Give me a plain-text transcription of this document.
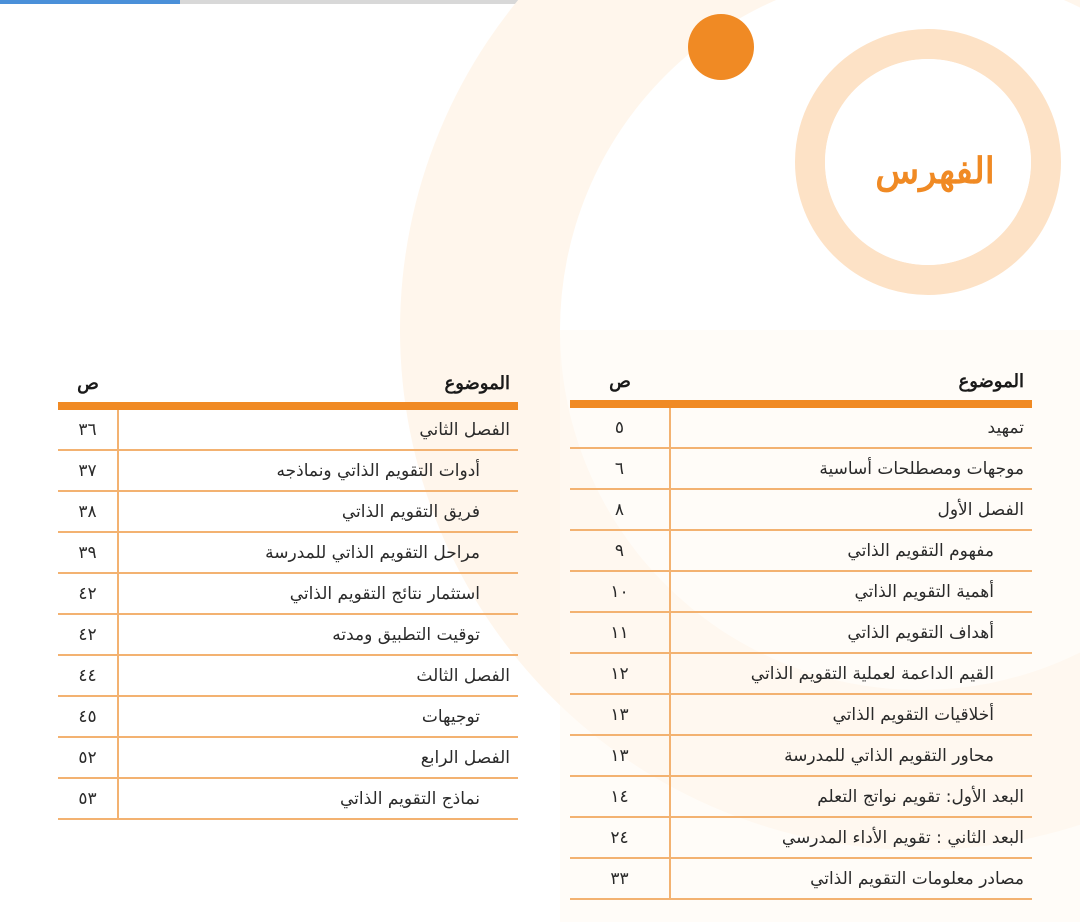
الفهرس
الموضوع	ص
تمهيد	٥
موجهات ومصطلحات أساسية	٦
الفصل الأول	٨
مفهوم التقويم الذاتي	٩
أهمية التقويم الذاتي	١٠
أهداف التقويم الذاتي	١١
القيم الداعمة لعملية التقويم الذاتي	١٢
أخلاقيات التقويم الذاتي	١٣
محاور التقويم الذاتي للمدرسة	١٣
البعد الأول: تقويم نواتج التعلم	١٤
البعد الثاني : تقويم الأداء المدرسي	٢٤
مصادر معلومات التقويم الذاتي	٣٣
الموضوع	ص
الفصل الثاني	٣٦
أدوات التقويم الذاتي ونماذجه	٣٧
فريق التقويم الذاتي	٣٨
مراحل التقويم الذاتي للمدرسة	٣٩
استثمار نتائج التقويم الذاتي	٤٢
توقيت التطبيق ومدته	٤٢
الفصل الثالث	٤٤
توجيهات	٤٥
الفصل الرابع	٥٢
نماذج التقويم الذاتي	٥٣
